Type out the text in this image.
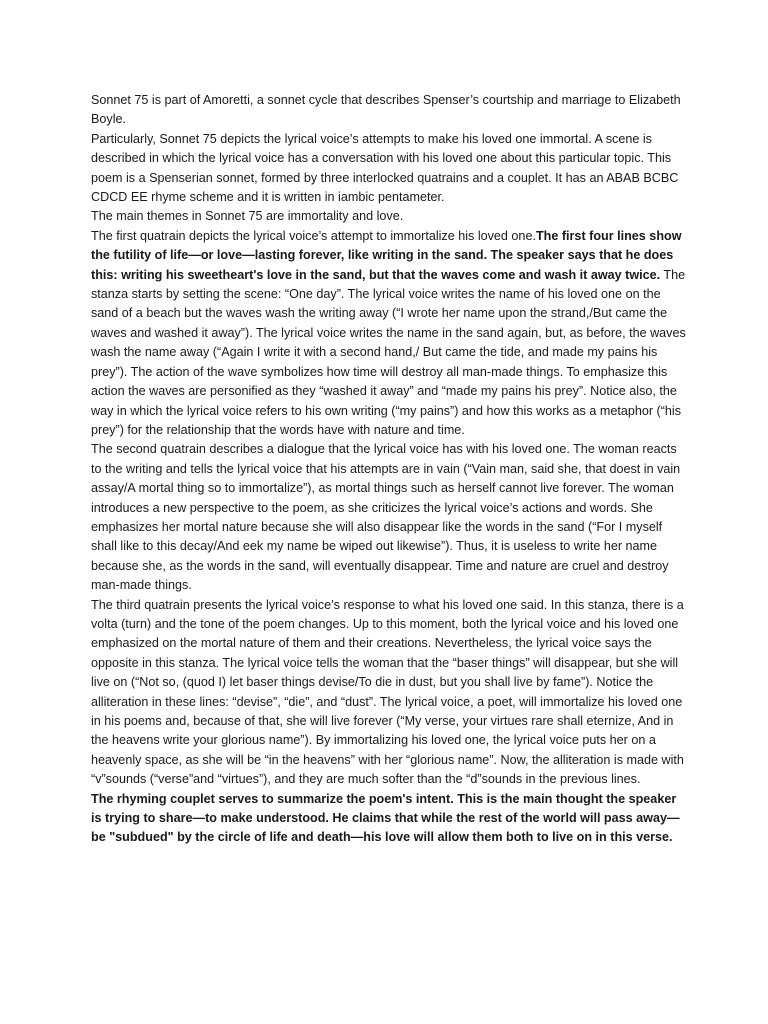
Sonnet 75 is part of Amoretti, a sonnet cycle that describes Spenser’s courtship and marriage to Elizabeth Boyle.

Particularly, Sonnet 75 depicts the lyrical voice’s attempts to make his loved one immortal. A scene is described in which the lyrical voice has a conversation with his loved one about this particular topic. This poem is a Spenserian sonnet, formed by three interlocked quatrains and a couplet. It has an ABAB BCBC CDCD EE rhyme scheme and it is written in iambic pentameter.

The main themes in Sonnet 75 are immortality and love.

The first quatrain depicts the lyrical voice’s attempt to immortalize his loved one.The first four lines show the futility of life—or love—lasting forever, like writing in the sand. The speaker says that he does this: writing his sweetheart's love in the sand, but that the waves come and wash it away twice. The stanza starts by setting the scene: “One day”. The lyrical voice writes the name of his loved one on the sand of a beach but the waves wash the writing away (“I wrote her name upon the strand,/But came the waves and washed it away”). The lyrical voice writes the name in the sand again, but, as before, the waves wash the name away (“Again I write it with a second hand,/ But came the tide, and made my pains his prey”). The action of the wave symbolizes how time will destroy all man-made things. To emphasize this action the waves are personified as they “washed it away” and “made my pains his prey”. Notice also, the way in which the lyrical voice refers to his own writing (“my pains”) and how this works as a metaphor (“his prey”) for the relationship that the words have with nature and time.

The second quatrain describes a dialogue that the lyrical voice has with his loved one. The woman reacts to the writing and tells the lyrical voice that his attempts are in vain (“Vain man, said she, that doest in vain assay/A mortal thing so to immortalize”), as mortal things such as herself cannot live forever. The woman introduces a new perspective to the poem, as she criticizes the lyrical voice’s actions and words. She emphasizes her mortal nature because she will also disappear like the words in the sand (“For I myself shall like to this decay/And eek my name be wiped out likewise”). Thus, it is useless to write her name because she, as the words in the sand, will eventually disappear. Time and nature are cruel and destroy man-made things.

The third quatrain presents the lyrical voice’s response to what his loved one said. In this stanza, there is a volta (turn) and the tone of the poem changes. Up to this moment, both the lyrical voice and his loved one emphasized on the mortal nature of them and their creations. Nevertheless, the lyrical voice says the opposite in this stanza. The lyrical voice tells the woman that the “baser things” will disappear, but she will live on (“Not so, (quod I) let baser things devise/To die in dust, but you shall live by fame”). Notice the alliteration in these lines: “devise”, “die”, and “dust”. The lyrical voice, a poet, will immortalize his loved one in his poems and, because of that, she will live forever (“My verse, your virtues rare shall eternize, And in the heavens write your glorious name”). By immortalizing his loved one, the lyrical voice puts her on a heavenly space, as she will be “in the heavens” with her “glorious name”. Now, the alliteration is made with “v”sounds (“verse”and “virtues”), and they are much softer than the “d”sounds in the previous lines.

The rhyming couplet serves to summarize the poem's intent. This is the main thought the speaker is trying to share—to make understood. He claims that while the rest of the world will pass away—be "subdued" by the circle of life and death—his love will allow them both to live on in this verse.
